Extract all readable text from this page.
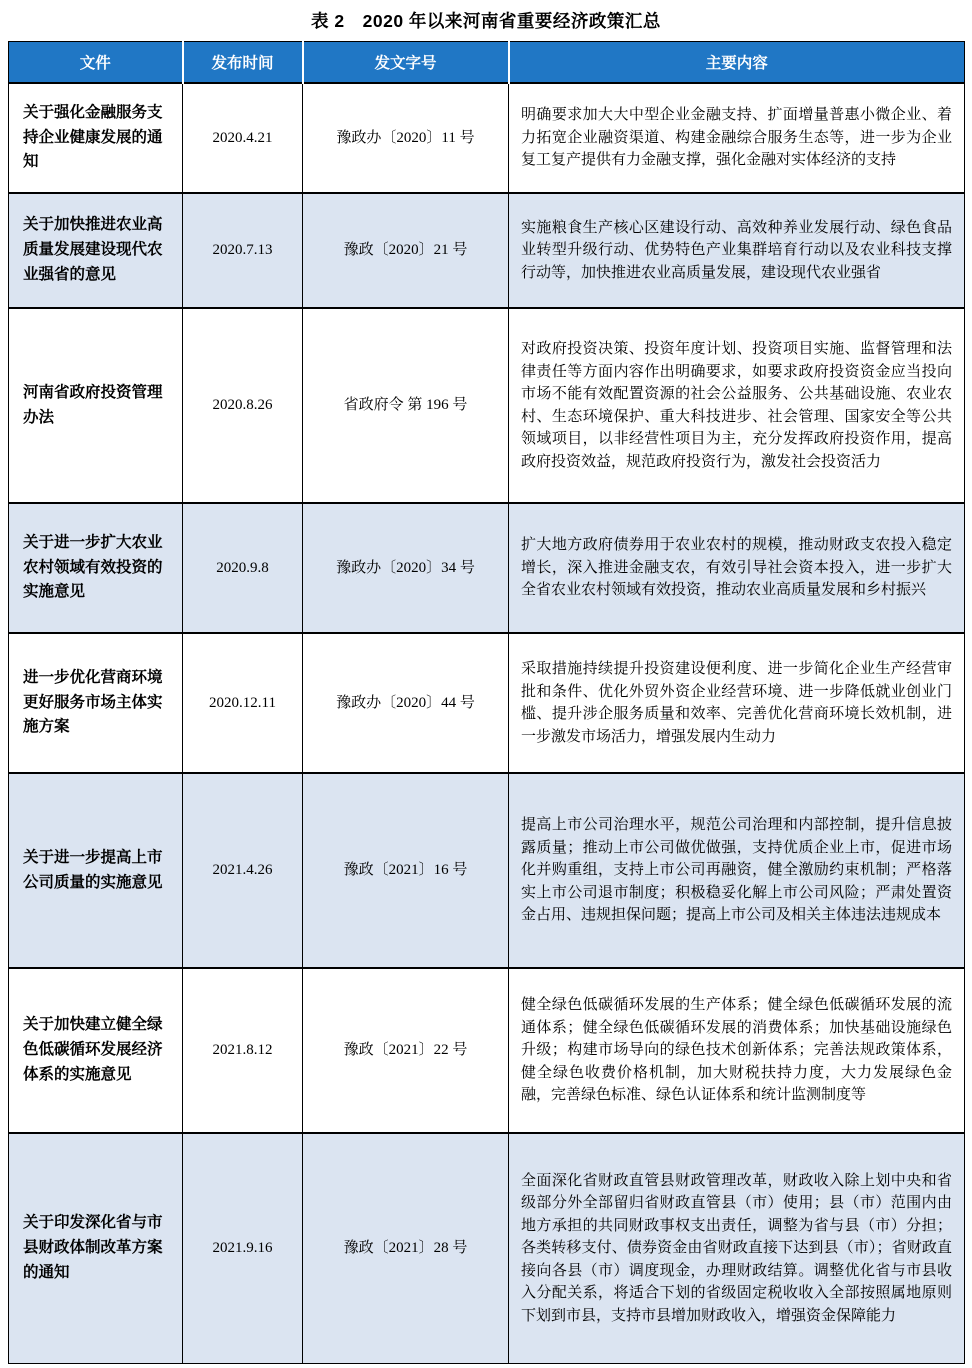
表 2　2020 年以来河南省重要经济政策汇总
文件	发布时间	发文字号	主要内容
关于强化金融服务支持企业健康发展的通知	2020.4.21	豫政办〔2020〕11 号	明确要求加大大中型企业金融支持、扩面增量普惠小微企业、着力拓宽企业融资渠道、构建金融综合服务生态等，进一步为企业复工复产提供有力金融支撑，强化金融对实体经济的支持
关于加快推进农业高质量发展建设现代农业强省的意见	2020.7.13	豫政〔2020〕21 号	实施粮食生产核心区建设行动、高效种养业发展行动、绿色食品业转型升级行动、优势特色产业集群培育行动以及农业科技支撑行动等，加快推进农业高质量发展，建设现代农业强省
河南省政府投资管理办法	2020.8.26	省政府令 第 196 号	对政府投资决策、投资年度计划、投资项目实施、监督管理和法律责任等方面内容作出明确要求，如要求政府投资资金应当投向市场不能有效配置资源的社会公益服务、公共基础设施、农业农村、生态环境保护、重大科技进步、社会管理、国家安全等公共领域项目，以非经营性项目为主，充分发挥政府投资作用，提高政府投资效益，规范政府投资行为，激发社会投资活力
关于进一步扩大农业农村领域有效投资的实施意见	2020.9.8	豫政办〔2020〕34 号	扩大地方政府债券用于农业农村的规模，推动财政支农投入稳定增长，深入推进金融支农，有效引导社会资本投入，进一步扩大全省农业农村领域有效投资，推动农业高质量发展和乡村振兴
进一步优化营商环境更好服务市场主体实施方案	2020.12.11	豫政办〔2020〕44 号	采取措施持续提升投资建设便利度、进一步简化企业生产经营审批和条件、优化外贸外资企业经营环境、进一步降低就业创业门槛、提升涉企服务质量和效率、完善优化营商环境长效机制，进一步激发市场活力，增强发展内生动力
关于进一步提高上市公司质量的实施意见	2021.4.26	豫政〔2021〕16 号	提高上市公司治理水平，规范公司治理和内部控制，提升信息披露质量；推动上市公司做优做强，支持优质企业上市，促进市场化并购重组，支持上市公司再融资，健全激励约束机制；严格落实上市公司退市制度；积极稳妥化解上市公司风险；严肃处置资金占用、违规担保问题；提高上市公司及相关主体违法违规成本
关于加快建立健全绿色低碳循环发展经济体系的实施意见	2021.8.12	豫政〔2021〕22 号	健全绿色低碳循环发展的生产体系；健全绿色低碳循环发展的流通体系；健全绿色低碳循环发展的消费体系；加快基础设施绿色升级；构建市场导向的绿色技术创新体系；完善法规政策体系，健全绿色收费价格机制，加大财税扶持力度，大力发展绿色金融，完善绿色标准、绿色认证体系和统计监测制度等
关于印发深化省与市县财政体制改革方案的通知	2021.9.16	豫政〔2021〕28 号	全面深化省财政直管县财政管理改革，财政收入除上划中央和省级部分外全部留归省财政直管县（市）使用；县（市）范围内由地方承担的共同财政事权支出责任，调整为省与县（市）分担；各类转移支付、债券资金由省财政直接下达到县（市）；省财政直接向各县（市）调度现金，办理财政结算。调整优化省与市县收入分配关系，将适合下划的省级固定税收收入全部按照属地原则下划到市县，支持市县增加财政收入，增强资金保障能力
